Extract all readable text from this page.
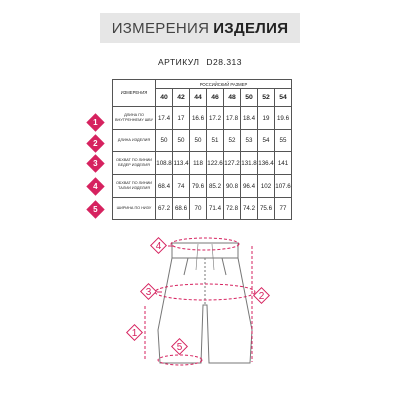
ИЗМЕРЕНИЯ ИЗДЕЛИЯ
АРТИКУЛ D28.313
ИЗМЕРЕНИЯ	РОССИЙСКИЙ РАЗМЕР							
	40	42	44	46	48	50	52	54
ДЛИНА ПО ВНУТРЕННЕМУ ШВУ	17.4	17	16.6	17.2	17.8	18.4	19	19.6
ДЛИНА ИЗДЕЛИЯ	50	50	50	51	52	53	54	55
ОБХВАТ ПО ЛИНИИ БЕДЕР ИЗДЕЛИЯ	108.8	113.4	118	122.6	127.2	131.8	136.4	141
ОБХВАТ ПО ЛИНИИ ТАЛИИ ИЗДЕЛИЯ	68.4	74	79.6	85.2	90.8	96.4	102	107.6
ШИРИНА ПО НИЗУ	67.2	68.6	70	71.4	72.8	74.2	75.6	77
1
2
3
4
5
4
3	2
1
5
